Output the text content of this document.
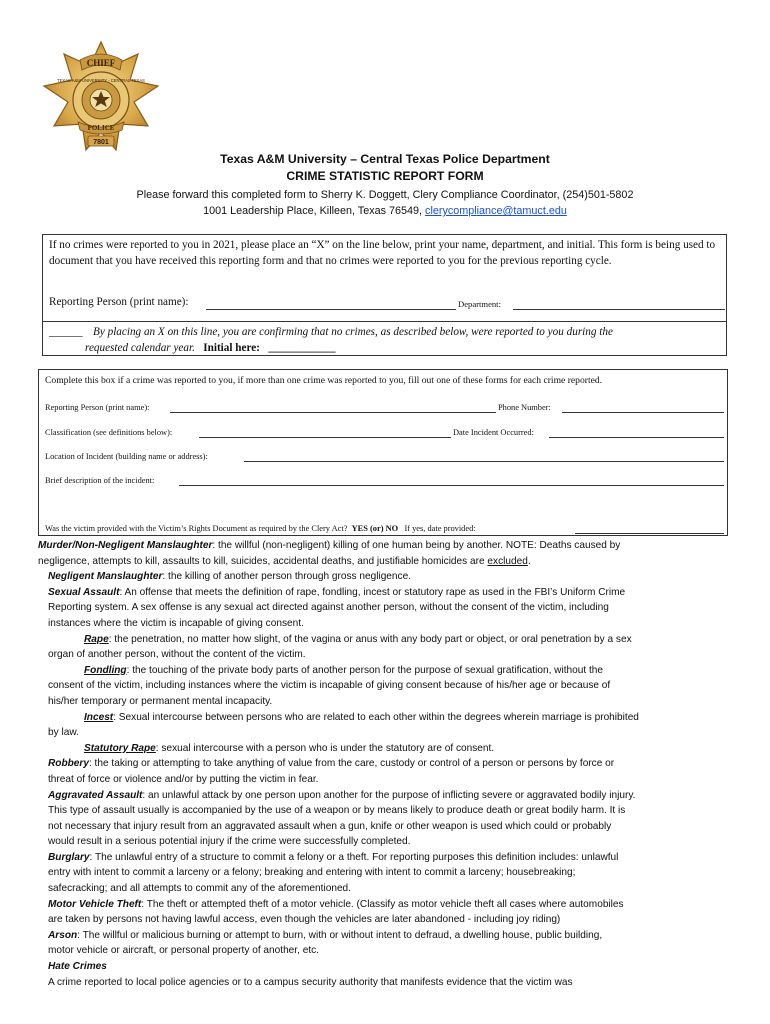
CHIEF
TEXAS A&M UNIVERSITY - CENTRAL TEXAS
POLICE
7801
Texas A&M University – Central Texas Police Department
CRIME STATISTIC REPORT FORM
Please forward this completed form to Sherry K. Doggett, Clery Compliance Coordinator, (254)501-5802
1001 Leadership Place, Killeen, Texas 76549, clerycompliance@tamuct.edu
If no crimes were reported to you in 2021, please place an “X” on the line below, print your name, department, and initial. This form is being used to document that you have received this reporting form and that no crimes were reported to you for the previous reporting cycle.
Reporting Person (print name):	Department:
______ By placing an X on this line, you are confirming that no crimes, as described below, were reported to you during the
requested calendar year. Initial here: ____________
Complete this box if a crime was reported to you, if more than one crime was reported to you, fill out one of these forms for each crime reported.
Reporting Person (print name):	Phone Number:
Classification (see definitions below):	Date Incident Occurred:
Location of Incident (building name or address):
Brief description of the incident:
Was the victim provided with the Victim’s Rights Document as required by the Clery Act? YES (or) NO If yes, date provided:

Murder/Non-Negligent Manslaughter: the willful (non-negligent) killing of one human being by another. NOTE: Deaths caused by

negligence, attempts to kill, assaults to kill, suicides, accidental deaths, and justifiable homicides are excluded.

Negligent Manslaughter: the killing of another person through gross negligence.

Sexual Assault: An offense that meets the definition of rape, fondling, incest or statutory rape as used in the FBI’s Uniform Crime

Reporting system. A sex offense is any sexual act directed against another person, without the consent of the victim, including

instances where the victim is incapable of giving consent.

Rape: the penetration, no matter how slight, of the vagina or anus with any body part or object, or oral penetration by a sex

organ of another person, without the content of the victim.

Fondling: the touching of the private body parts of another person for the purpose of sexual gratification, without the

consent of the victim, including instances where the victim is incapable of giving consent because of his/her age or because of

his/her temporary or permanent mental incapacity.

Incest: Sexual intercourse between persons who are related to each other within the degrees wherein marriage is prohibited

by law.

Statutory Rape: sexual intercourse with a person who is under the statutory are of consent.

Robbery: the taking or attempting to take anything of value from the care, custody or control of a person or persons by force or

threat of force or violence and/or by putting the victim in fear.

Aggravated Assault: an unlawful attack by one person upon another for the purpose of inflicting severe or aggravated bodily injury.

This type of assault usually is accompanied by the use of a weapon or by means likely to produce death or great bodily harm. It is

not necessary that injury result from an aggravated assault when a gun, knife or other weapon is used which could or probably

would result in a serious potential injury if the crime were successfully completed.

Burglary: The unlawful entry of a structure to commit a felony or a theft. For reporting purposes this definition includes: unlawful

entry with intent to commit a larceny or a felony; breaking and entering with intent to commit a larceny; housebreaking;

safecracking; and all attempts to commit any of the aforementioned.

Motor Vehicle Theft: The theft or attempted theft of a motor vehicle. (Classify as motor vehicle theft all cases where automobiles

are taken by persons not having lawful access, even though the vehicles are later abandoned - including joy riding)

Arson: The willful or malicious burning or attempt to burn, with or without intent to defraud, a dwelling house, public building,

motor vehicle or aircraft, or personal property of another, etc.

Hate Crimes

A crime reported to local police agencies or to a campus security authority that manifests evidence that the victim was
